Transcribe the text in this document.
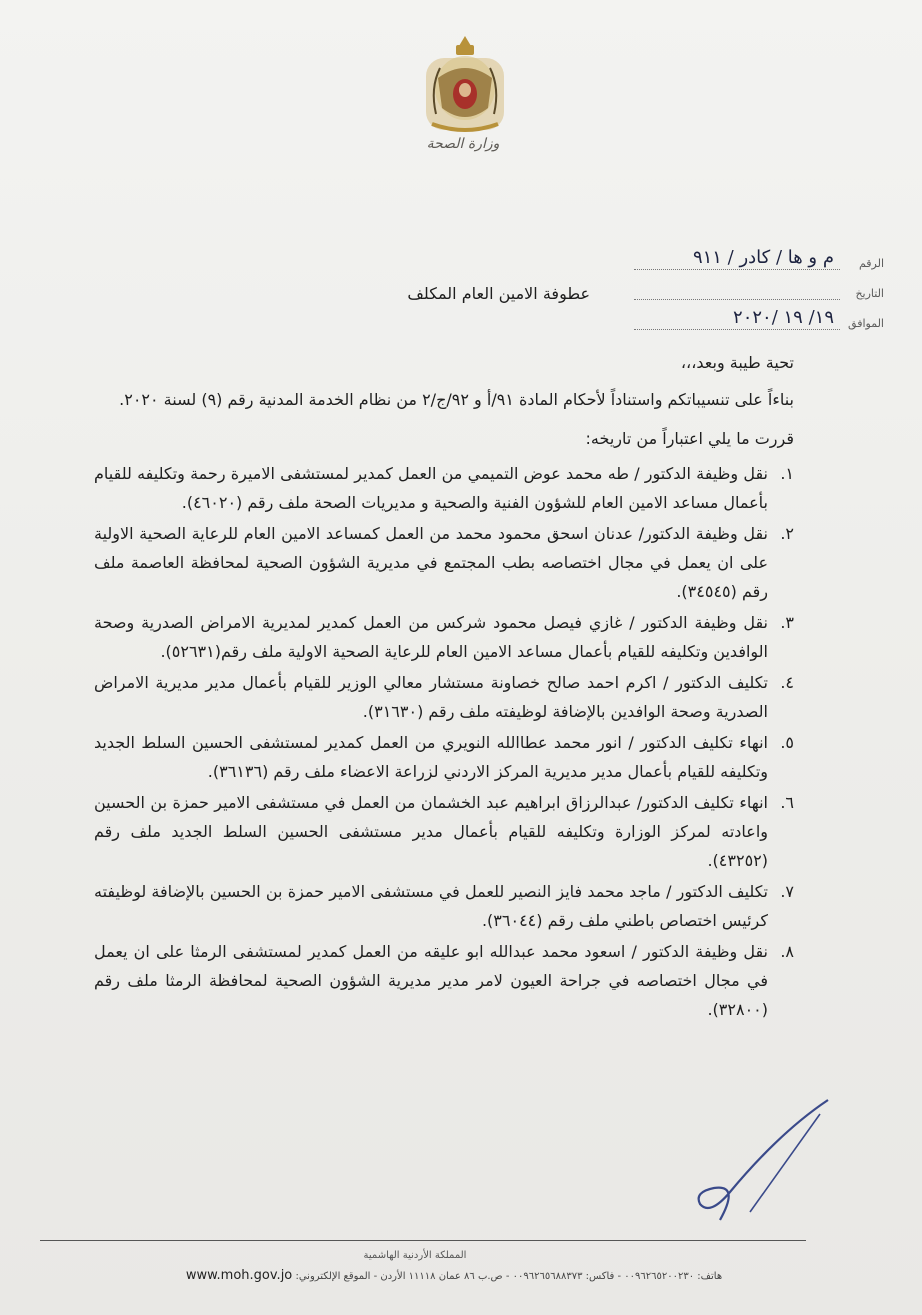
وزارة الصحة
الرقم
م و ها / كادر / ٩١١
التاريخ
الموافق
١٩/ ١٩ /٢٠٢٠
عطوفة الامين العام المكلف
تحية طيبة وبعد،،،

بناءاً على تنسيباتكم واستناداً لأحكام المادة ٩١/أ و ٩٢/ج/٢ من نظام الخدمة المدنية رقم (٩) لسنة ٢٠٢٠.

قررت ما يلي اعتباراً من تاريخه:
١.
نقل وظيفة الدكتور / طه محمد عوض التميمي من العمل كمدير لمستشفى الاميرة رحمة وتكليفه للقيام بأعمال مساعد الامين العام للشؤون الفنية والصحية و مديريات الصحة ملف رقم (٤٦٠٢٠).
٢.
نقل وظيفة الدكتور/ عدنان اسحق محمود محمد من العمل كمساعد الامين العام للرعاية الصحية الاولية على ان يعمل في مجال اختصاصه بطب المجتمع في مديرية الشؤون الصحية لمحافظة العاصمة ملف رقم (٣٤٥٤٥).
٣.
نقل وظيفة الدكتور / غازي فيصل محمود شركس من العمل كمدير لمديرية الامراض الصدرية وصحة الوافدين وتكليفه للقيام بأعمال مساعد الامين العام للرعاية الصحية الاولية ملف رقم(٥٢٦٣١).
٤.
تكليف الدكتور / اكرم احمد صالح خصاونة مستشار معالي الوزير للقيام بأعمال مدير مديرية الامراض الصدرية وصحة الوافدين بالإضافة لوظيفته ملف رقم (٣١٦٣٠).
٥.
انهاء تكليف الدكتور / انور محمد عطاالله النويري من العمل كمدير لمستشفى الحسين السلط الجديد وتكليفه للقيام بأعمال مدير مديرية المركز الاردني لزراعة الاعضاء ملف رقم (٣٦١٣٦).
٦.
انهاء تكليف الدكتور/ عبدالرزاق ابراهيم عبد الخشمان من العمل في مستشفى الامير حمزة بن الحسين واعادته لمركز الوزارة وتكليفه للقيام بأعمال مدير مستشفى الحسين السلط الجديد ملف رقم (٤٣٢٥٢).
٧.
تكليف الدكتور / ماجد محمد فايز النصير للعمل في مستشفى الامير حمزة بن الحسين بالإضافة لوظيفته كرئيس اختصاص باطني ملف رقم (٣٦٠٤٤).
٨.
نقل وظيفة الدكتور / اسعود محمد عبدالله ابو عليقه من العمل كمدير لمستشفى الرمثا على ان يعمل في مجال اختصاصه في جراحة العيون لامر مدير مديرية الشؤون الصحية لمحافظة الرمثا ملف رقم (٣٢٨٠٠).
المملكة الأردنية الهاشمية
هاتف: ٠٠٩٦٢٦٥٢٠٠٢٣٠ - فاكس: ٠٠٩٦٢٦٥٦٨٨٣٧٣ - ص.ب ٨٦ عمان ١١١١٨ الأردن - الموقع الإلكتروني: www.moh.gov.jo
